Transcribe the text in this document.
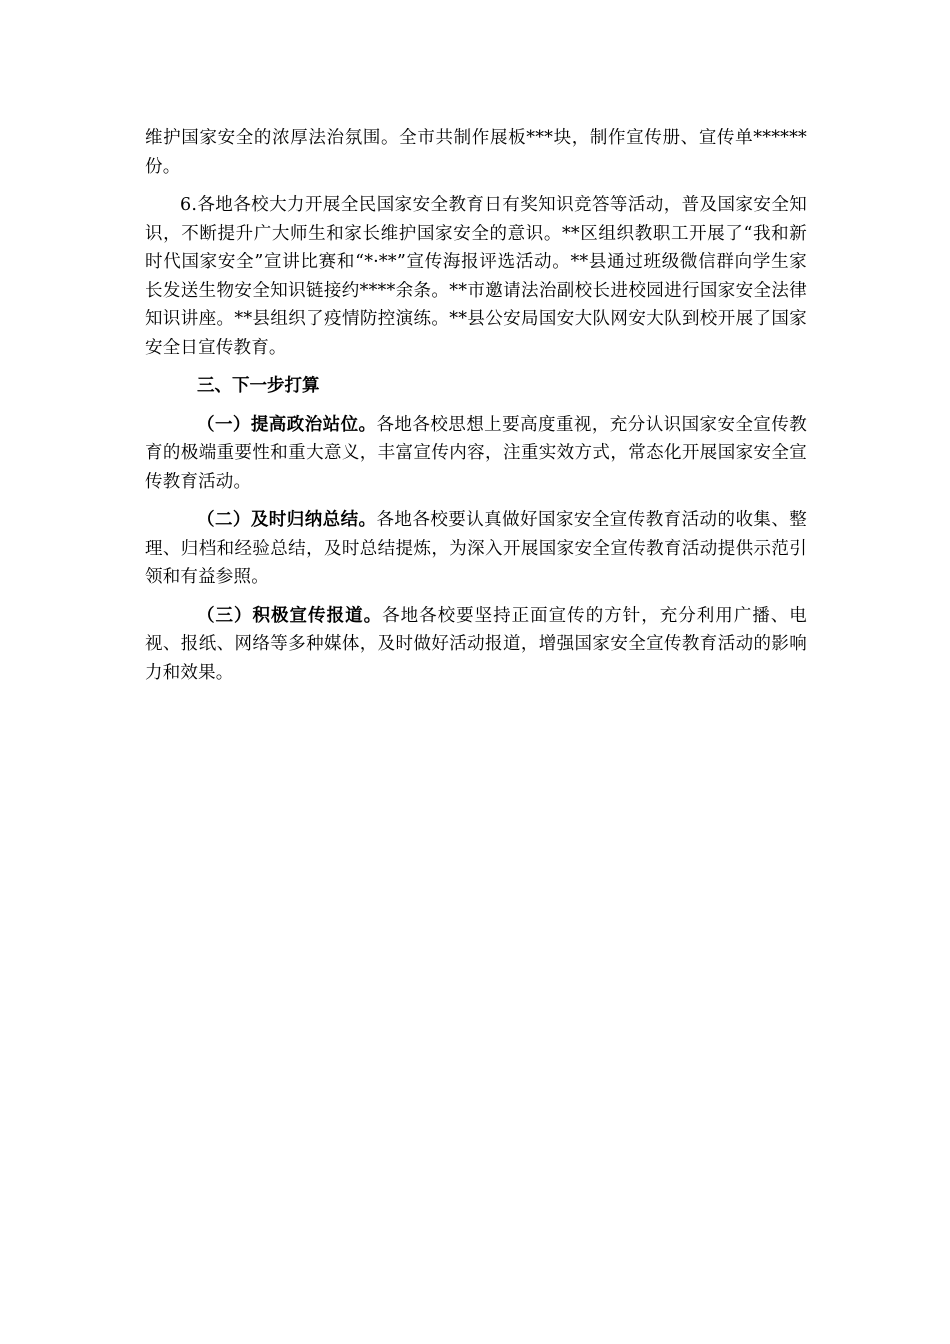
维护国家安全的浓厚法治氛围。全市共制作展板***块，制作宣传册、宣传单******份。

6.各地各校大力开展全民国家安全教育日有奖知识竞答等活动，普及国家安全知识，不断提升广大师生和家长维护国家安全的意识。**区组织教职工开展了“我和新时代国家安全”宣讲比赛和“*·**”宣传海报评选活动。**县通过班级微信群向学生家长发送生物安全知识链接约****余条。**市邀请法治副校长进校园进行国家安全法律知识讲座。**县组织了疫情防控演练。**县公安局国安大队网安大队到校开展了国家安全日宣传教育。

三、下一步打算

（一）提高政治站位。各地各校思想上要高度重视，充分认识国家安全宣传教育的极端重要性和重大意义，丰富宣传内容，注重实效方式，常态化开展国家安全宣传教育活动。

（二）及时归纳总结。各地各校要认真做好国家安全宣传教育活动的收集、整理、归档和经验总结，及时总结提炼，为深入开展国家安全宣传教育活动提供示范引领和有益参照。

（三）积极宣传报道。各地各校要坚持正面宣传的方针，充分利用广播、电视、报纸、网络等多种媒体，及时做好活动报道，增强国家安全宣传教育活动的影响力和效果。
